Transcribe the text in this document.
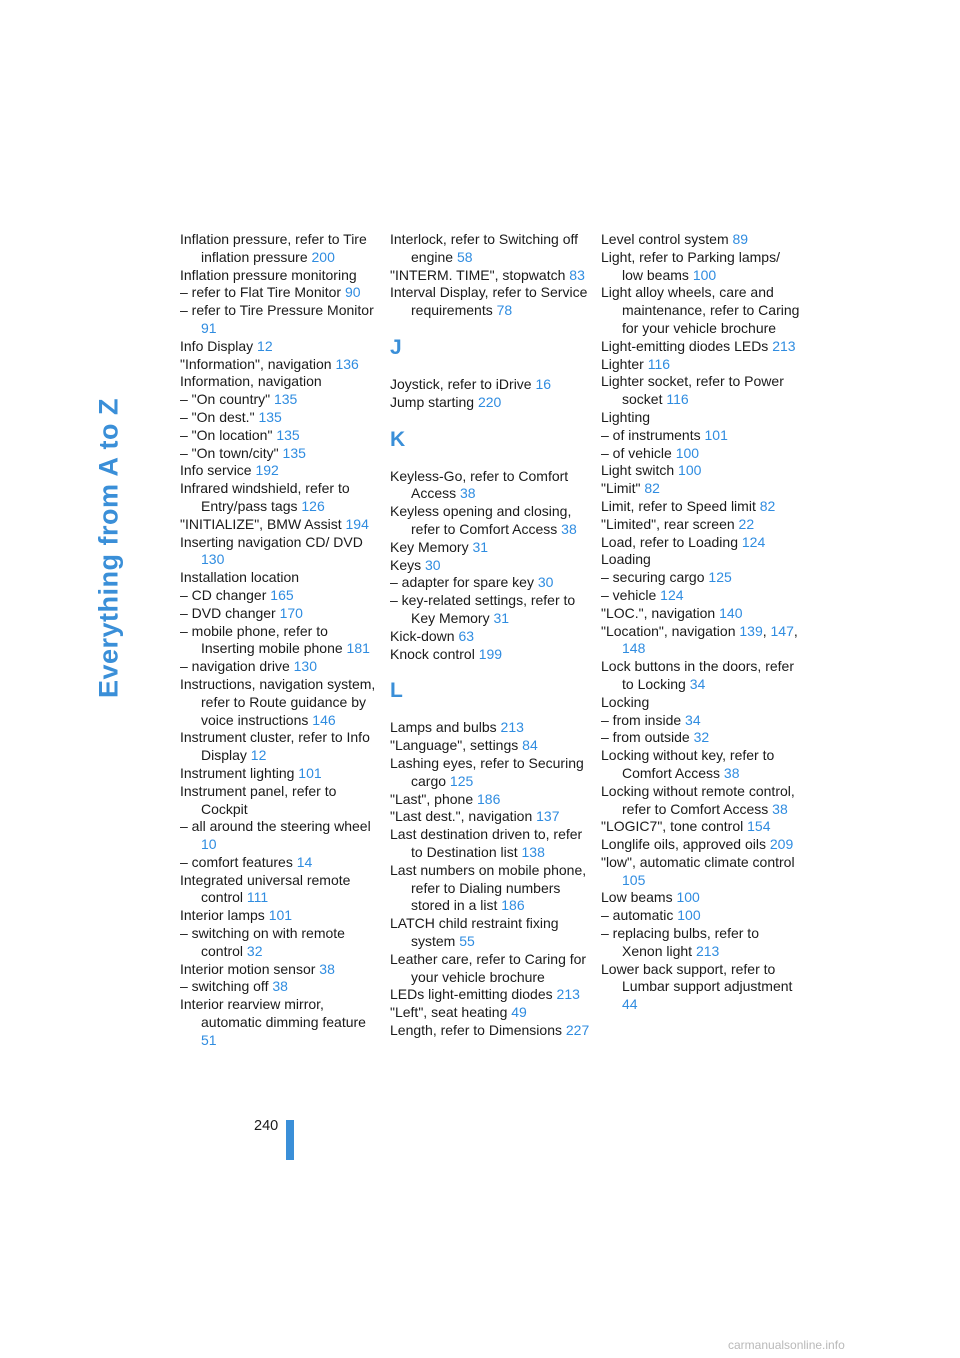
Everything from A to Z

Inflation pressure, refer to Tire inflation pressure 200

Inflation pressure monitoring

– refer to Flat Tire Monitor 90

– refer to Tire Pressure Monitor 91

Info Display 12

"Information", navigation 136

Information, navigation

– "On country" 135

– "On dest." 135

– "On location" 135

– "On town/city" 135

Info service 192

Infrared windshield, refer to Entry/pass tags 126

"INITIALIZE", BMW Assist 194

Inserting navigation CD/ DVD 130

Installation location

– CD changer 165

– DVD changer 170

– mobile phone, refer to Inserting mobile phone 181

– navigation drive 130

Instructions, navigation system, refer to Route guidance by voice instructions 146

Instrument cluster, refer to Info Display 12

Instrument lighting 101

Instrument panel, refer to Cockpit

– all around the steering wheel 10

– comfort features 14

Integrated universal remote control 111

Interior lamps 101

– switching on with remote control 32

Interior motion sensor 38

– switching off 38

Interior rearview mirror, automatic dimming feature 51

Interlock, refer to Switching off engine 58

"INTERM. TIME", stopwatch 83

Interval Display, refer to Service requirements 78

J

Joystick, refer to iDrive 16

Jump starting 220

K

Keyless-Go, refer to Comfort Access 38

Keyless opening and closing, refer to Comfort Access 38

Key Memory 31

Keys 30

– adapter for spare key 30

– key-related settings, refer to Key Memory 31

Kick-down 63

Knock control 199

L

Lamps and bulbs 213

"Language", settings 84

Lashing eyes, refer to Securing cargo 125

"Last", phone 186

"Last dest.", navigation 137

Last destination driven to, refer to Destination list 138

Last numbers on mobile phone, refer to Dialing numbers stored in a list 186

LATCH child restraint fixing system 55

Leather care, refer to Caring for your vehicle brochure

LEDs light-emitting diodes 213

"Left", seat heating 49

Length, refer to Dimensions 227

Level control system 89

Light, refer to Parking lamps/ low beams 100

Light alloy wheels, care and maintenance, refer to Caring for your vehicle brochure

Light-emitting diodes LEDs 213

Lighter 116

Lighter socket, refer to Power socket 116

Lighting

– of instruments 101

– of vehicle 100

Light switch 100

"Limit" 82

Limit, refer to Speed limit 82

"Limited", rear screen 22

Load, refer to Loading 124

Loading

– securing cargo 125

– vehicle 124

"LOC.", navigation 140

"Location", navigation 139, 147, 148

Lock buttons in the doors, refer to Locking 34

Locking

– from inside 34

– from outside 32

Locking without key, refer to Comfort Access 38

Locking without remote control, refer to Comfort Access 38

"LOGIC7", tone control 154

Longlife oils, approved oils 209

"low", automatic climate control 105

Low beams 100

– automatic 100

– replacing bulbs, refer to Xenon light 213

Lower back support, refer to Lumbar support adjustment 44

240
carmanualsonline.info
